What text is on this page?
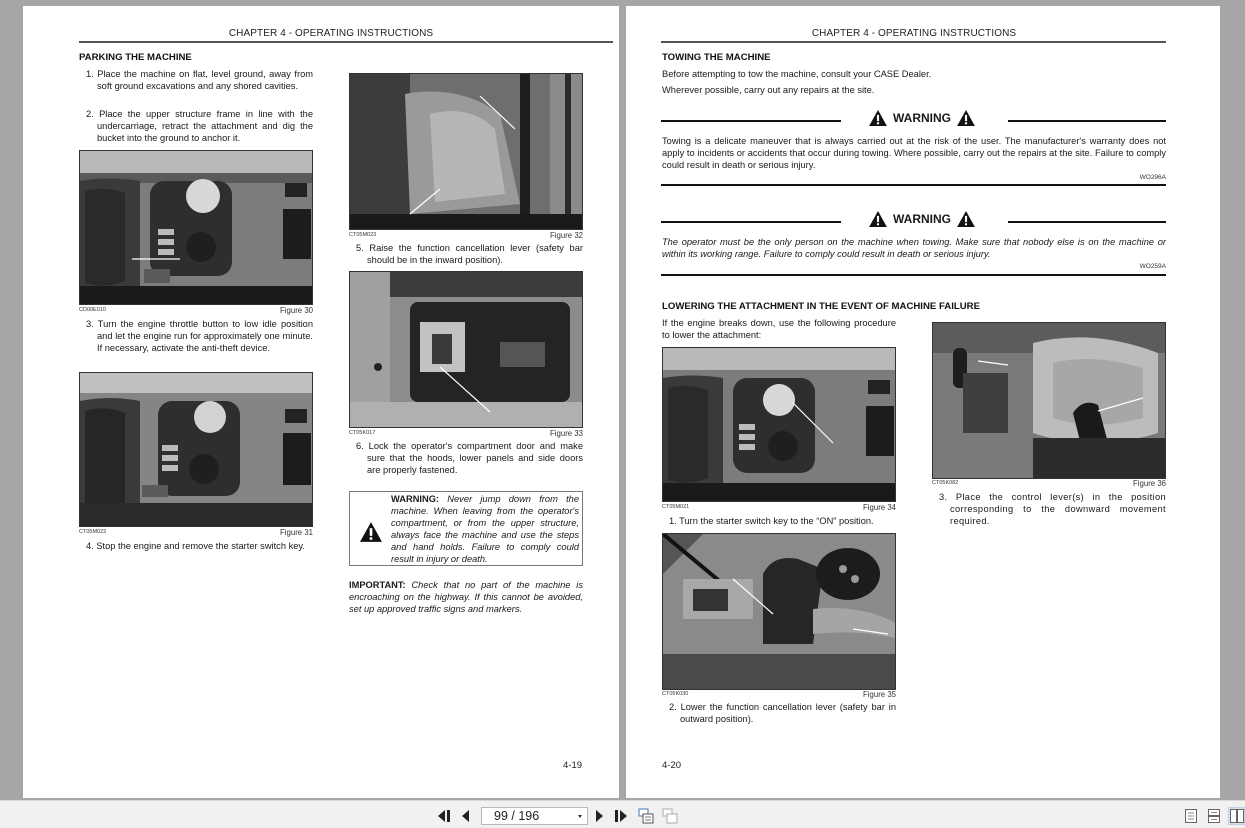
CHAPTER 4 - OPERATING INSTRUCTIONS
PARKING THE MACHINE
1. Place the machine on flat, level ground, away from soft ground excavations and any shored cavities.
2. Place the upper structure frame in line with the undercarriage, retract the attachment and dig the bucket into the ground to anchor it.
CD00E010	Figure 30
3. Turn the engine throttle button to low idle position and let the engine run for approximately one minute. If necessary, activate the anti-theft device.
CT05M022	Figure 31
4. Stop the engine and remove the starter switch key.
CT05M023	Figure 32
5. Raise the function cancellation lever (safety bar should be in the inward position).
CT05K017	Figure 33
6. Lock the operator's compartment door and make sure that the hoods, lower panels and side doors are properly fastened.
WARNING: Never jump down from the machine. When leaving from the operator's compartment, or from the upper structure, always face the machine and use the steps and hand holds. Failure to comply could result in injury or death.
IMPORTANT: Check that no part of the machine is encroaching on the highway. If this cannot be avoided, set up approved traffic signs and markers.
4-19
CHAPTER 4 - OPERATING INSTRUCTIONS
TOWING THE MACHINE
Before attempting to tow the machine, consult your CASE Dealer.
Wherever possible, carry out any repairs at the site.
WARNING
Towing is a delicate maneuver that is always carried out at the risk of the user. The manufacturer's warranty does not apply to incidents or accidents that occur during towing. Where possible, carry out the repairs at the site. Failure to comply could result in death or serious injury.
WO296A
WARNING
The operator must be the only person on the machine when towing. Make sure that nobody else is on the machine or within its working range. Failure to comply could result in death or serious injury.
WO259A
LOWERING THE ATTACHMENT IN THE EVENT OF MACHINE FAILURE
If the engine breaks down, use the following procedure to lower the attachment:
CT05M021	Figure 34
1. Turn the starter switch key to the “ON” position.
CT05K030	Figure 35
2. Lower the function cancellation lever (safety bar in outward position).
CT05K082	Figure 36
3. Place the control lever(s) in the position corresponding to the downward movement required.
4-20
99 / 196
